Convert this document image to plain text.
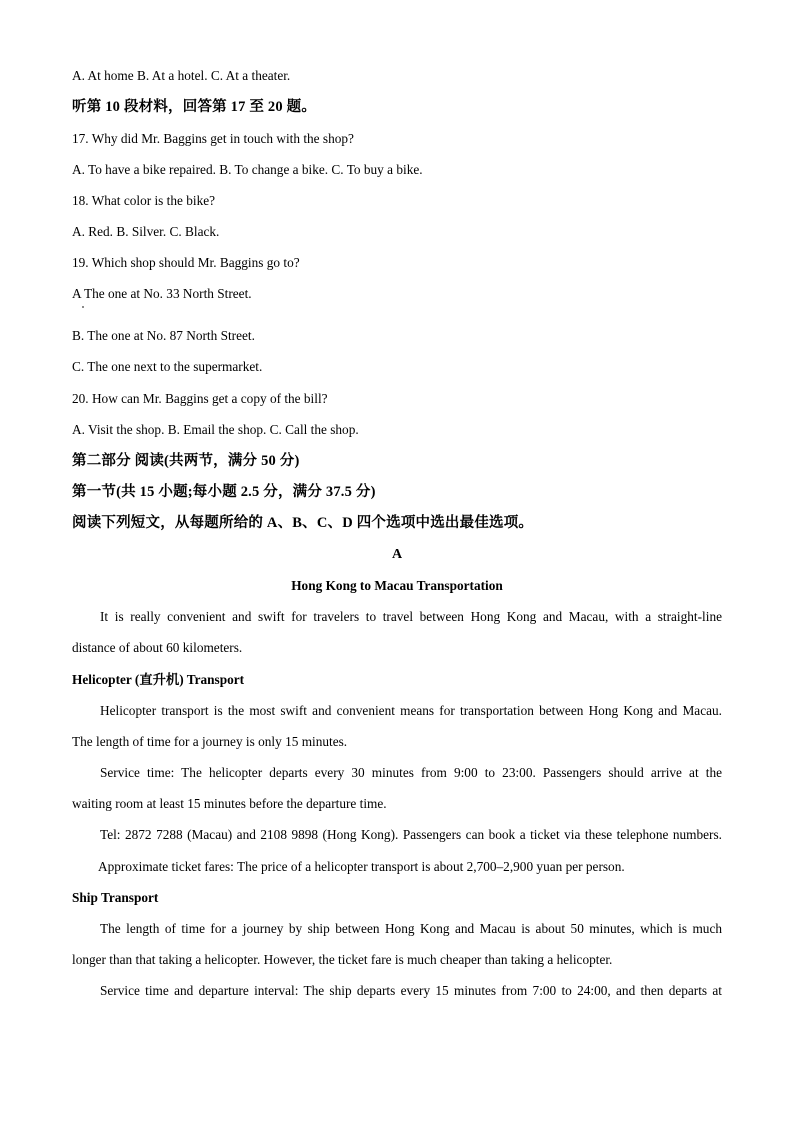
A. At home B. At a hotel. C. At a theater.
听第 10 段材料，回答第 17 至 20 题。
17. Why did Mr. Baggins get in touch with the shop?
A. To have a bike repaired. B. To change a bike. C. To buy a bike.
18. What color is the bike?
A. Red. B. Silver. C. Black.
19. Which shop should Mr. Baggins go to?
A The one at No. 33 North Street.
B. The one at No. 87 North Street.
C. The one next to the supermarket.
20. How can Mr. Baggins get a copy of the bill?
A. Visit the shop. B. Email the shop. C. Call the shop.
第二部分 阅读(共两节，满分 50 分)
第一节(共 15 小题;每小题 2.5 分，满分 37.5 分)
阅读下列短文，从每题所给的 A、B、C、D 四个选项中选出最佳选项。
A
Hong Kong to Macau Transportation
It is really convenient and swift for travelers to travel between Hong Kong and Macau, with a straight-line
distance of about 60 kilometers.
Helicopter (直升机) Transport
Helicopter transport is the most swift and convenient means for transportation between Hong Kong and Macau.
The length of time for a journey is only 15 minutes.
Service time: The helicopter departs every 30 minutes from 9:00 to 23:00. Passengers should arrive at the
waiting room at least 15 minutes before the departure time.
Tel: 2872 7288 (Macau) and 2108 9898 (Hong Kong). Passengers can book a ticket via these telephone numbers.
Approximate ticket fares: The price of a helicopter transport is about 2,700–2,900 yuan per person.
Ship Transport
The length of time for a journey by ship between Hong Kong and Macau is about 50 minutes, which is much
longer than that taking a helicopter. However, the ticket fare is much cheaper than taking a helicopter.
Service time and departure interval: The ship departs every 15 minutes from 7:00 to 24:00, and then departs at
